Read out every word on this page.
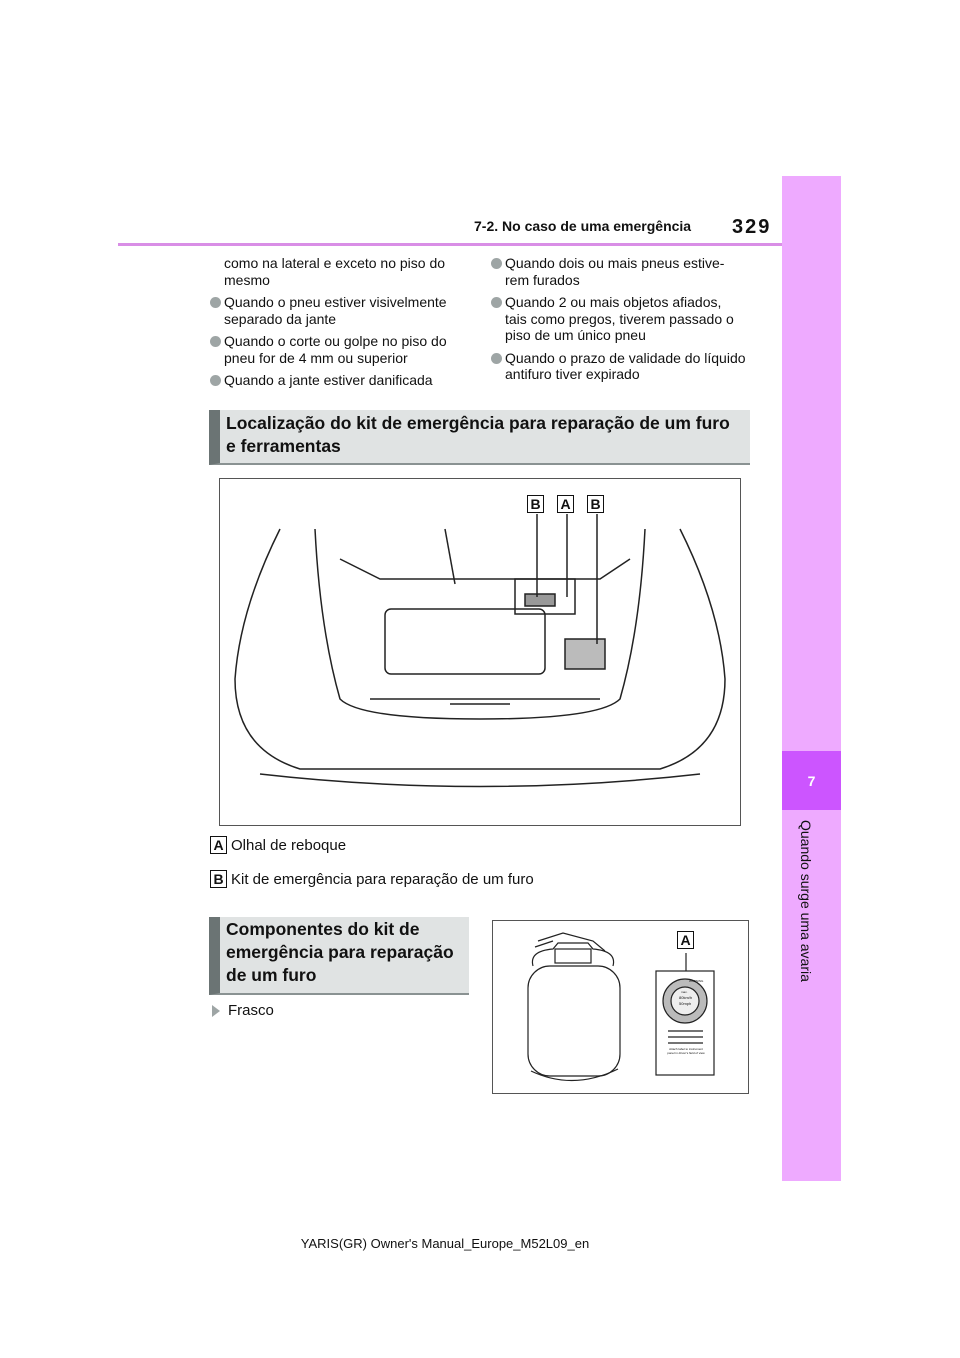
7-2. No caso de uma emergência 329
7
Quando surge uma avaria
como na lateral e exceto no piso do mesmo
Quando o pneu estiver visivelmente separado da jante
Quando o corte ou golpe no piso do pneu for de 4 mm ou superior
Quando a jante estiver danificada
Quando dois ou mais pneus estive-rem furados
Quando 2 ou mais objetos afiados, tais como pregos, tiverem passado o piso de um único pneu
Quando o prazo de validade do líquido antifuro tiver expirado
Localização do kit de emergência para reparação de um furo e ferramentas
B A B
A Olhal de reboque
B Kit de emergência para reparação de um furo
Componentes do kit de emergência para reparação de um furo
Frasco
A
80km/h
50mph
max.
WARNING
Attach label to instrument panel in driver's field of view
YARIS(GR) Owner's Manual_Europe_M52L09_en
